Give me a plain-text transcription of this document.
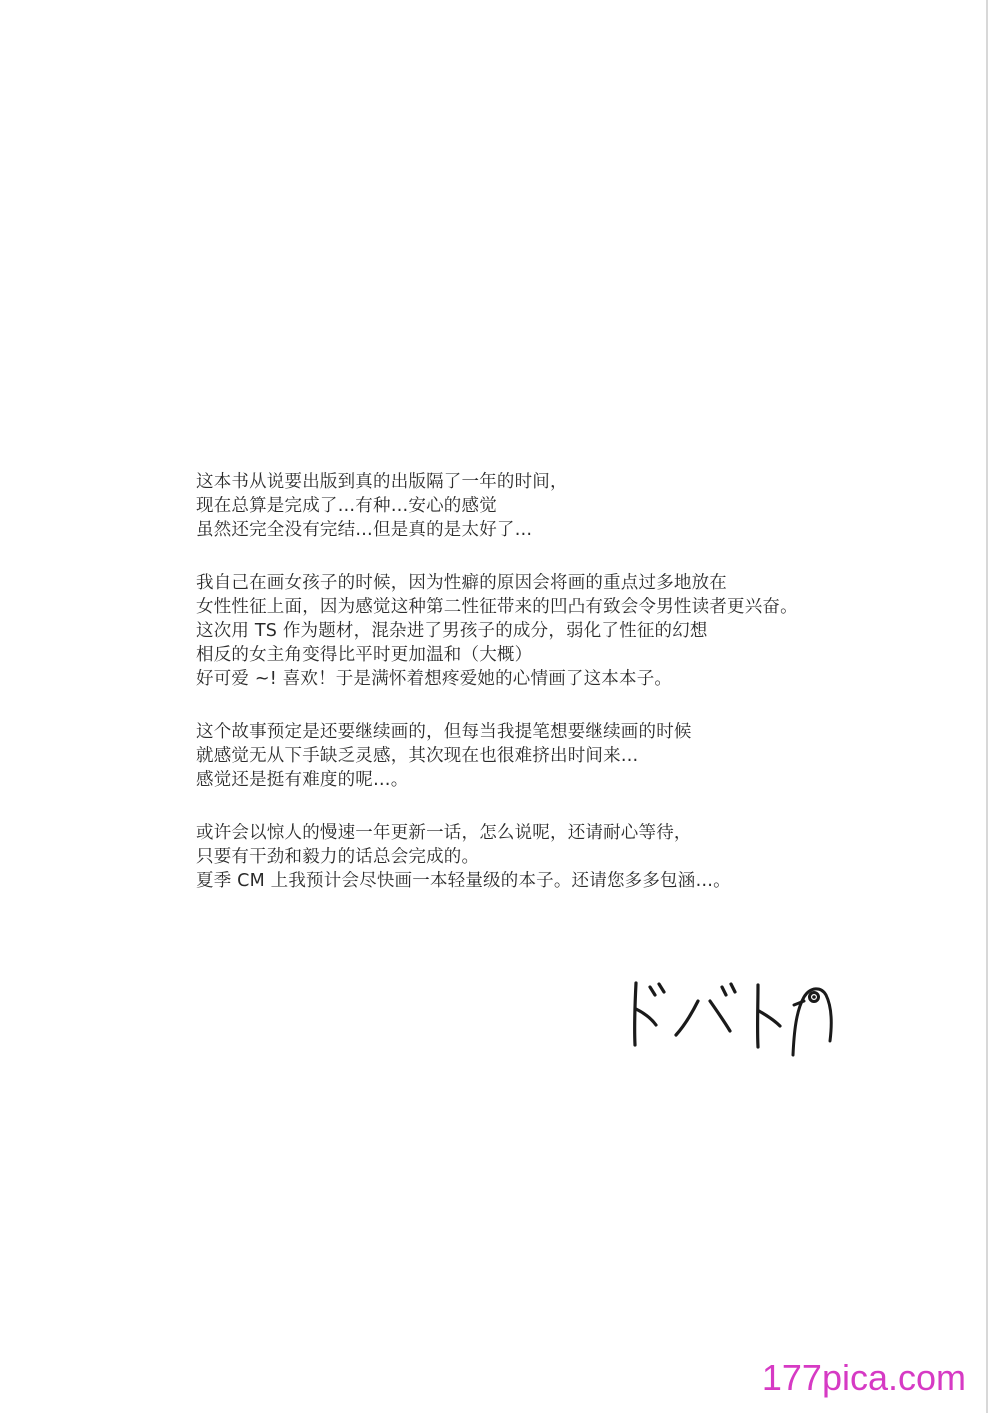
这本书从说要出版到真的出版隔了一年的时间，
现在总算是完成了…有种…安心的感觉
虽然还完全没有完结…但是真的是太好了…
我自己在画女孩子的时候，因为性癖的原因会将画的重点过多地放在
女性性征上面，因为感觉这种第二性征带来的凹凸有致会令男性读者更兴奋。
这次用 TS 作为题材，混杂进了男孩子的成分，弱化了性征的幻想
相反的女主角变得比平时更加温和（大概）
好可爱 ~! 喜欢！于是满怀着想疼爱她的心情画了这本本子。
这个故事预定是还要继续画的，但每当我提笔想要继续画的时候
就感觉无从下手缺乏灵感，其次现在也很难挤出时间来…
感觉还是挺有难度的呢…。
或许会以惊人的慢速一年更新一话，怎么说呢，还请耐心等待，
只要有干劲和毅力的话总会完成的。
夏季 CM 上我预计会尽快画一本轻量级的本子。还请您多多包涵…。
177pica.com
